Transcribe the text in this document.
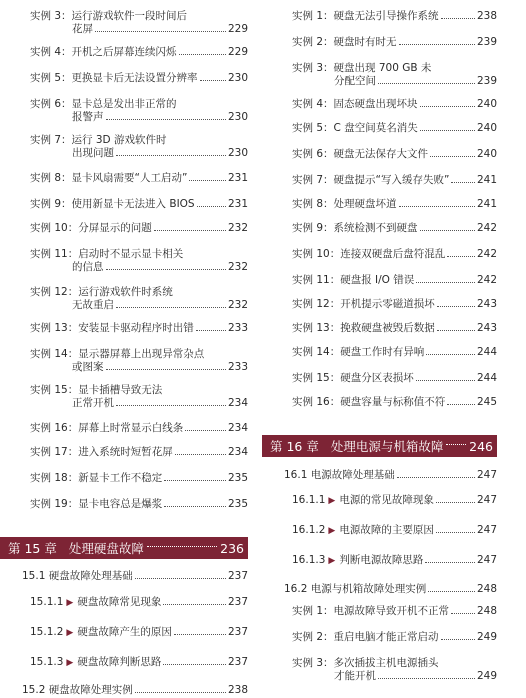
实例 3： 运行游戏软件一段时间后
花屏	229
实例 4： 开机之后屏幕连续闪烁	229
实例 5： 更换显卡后无法设置分辨率	230
实例 6： 显卡总是发出非正常的
报警声	230
实例 7： 运行 3D 游戏软件时
出现问题	230
实例 8： 显卡风扇需要“人工启动”	231
实例 9： 使用新显卡无法进入 BIOS	231
实例 10： 分屏显示的问题	232
实例 11： 启动时不显示显卡相关
的信息	232
实例 12： 运行游戏软件时系统
无故重启	232
实例 13： 安装显卡驱动程序时出错	233
实例 14： 显示器屏幕上出现异常杂点
或图案	233
实例 15： 显卡插槽导致无法
正常开机	234
实例 16： 屏幕上时常显示白线条	234
实例 17： 进入系统时短暂花屏	234
实例 18： 新显卡工作不稳定	235
实例 19： 显卡电容总是爆浆	235
第 15 章 处理硬盘故障	236
15.1 硬盘故障处理基础	237
15.1.1 ▶ 硬盘故障常见现象	237
15.1.2 ▶ 硬盘故障产生的原因	237
15.1.3 ▶ 硬盘故障判断思路	237
15.2 硬盘故障处理实例	238
实例 1： 硬盘无法引导操作系统	238
实例 2： 硬盘时有时无	239
实例 3： 硬盘出现 700 GB 未
分配空间	239
实例 4： 固态硬盘出现坏块	240
实例 5： C 盘空间莫名消失	240
实例 6： 硬盘无法保存大文件	240
实例 7： 硬盘提示“写入缓存失败”	241
实例 8： 处理硬盘坏道	241
实例 9： 系统检测不到硬盘	242
实例 10： 连接双硬盘后盘符混乱	242
实例 11： 硬盘报 I/O 错误	242
实例 12： 开机提示零磁道损坏	243
实例 13： 挽救硬盘被毁后数据	243
实例 14： 硬盘工作时有异响	244
实例 15： 硬盘分区表损坏	244
实例 16： 硬盘容量与标称值不符	245
第 16 章 处理电源与机箱故障 246
16.1 电源故障处理基础	247
16.1.1 ▶ 电源的常见故障现象	247
16.1.2 ▶ 电源故障的主要原因	247
16.1.3 ▶ 判断电源故障思路	247
16.2 电源与机箱故障处理实例	248
实例 1： 电源故障导致开机不正常	248
实例 2： 重启电脑才能正常启动	249
实例 3： 多次插拔主机电源插头
才能开机	249
